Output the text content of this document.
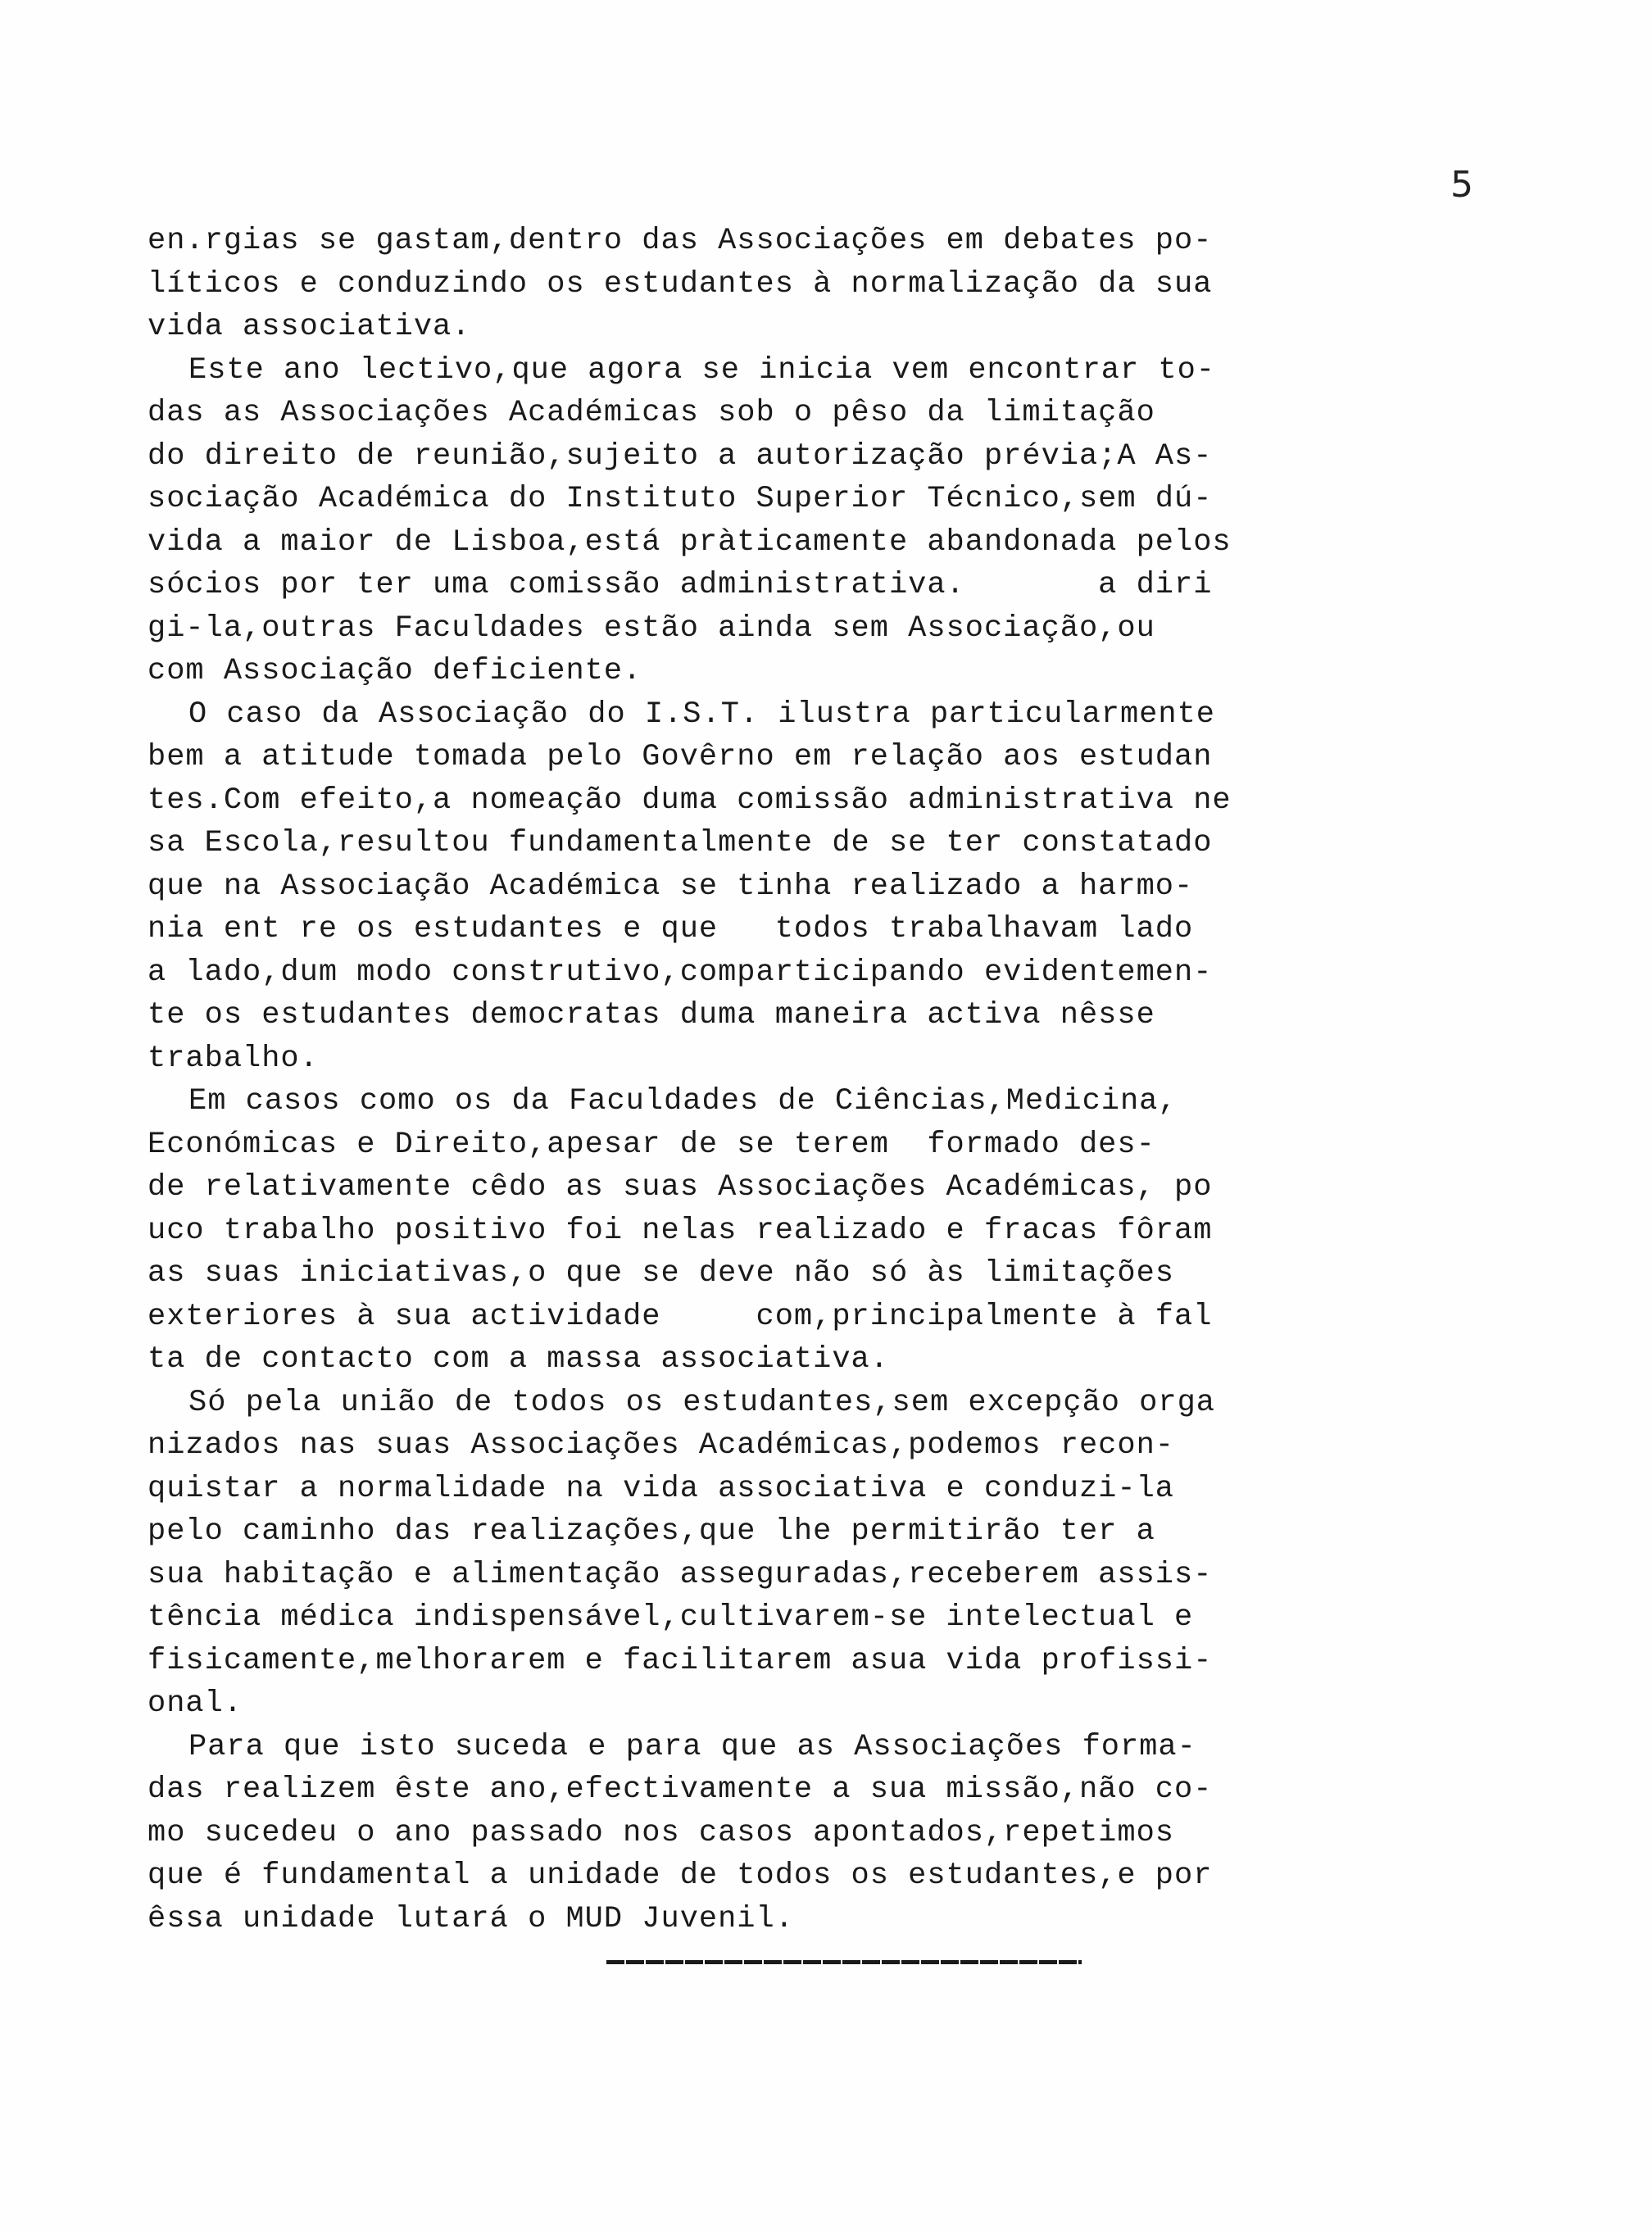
5
en.rgias se gastam,dentro das Associações em debates po-
líticos e conduzindo os estudantes à normalização da sua
vida associativa.
Este ano lectivo,que agora se inicia vem encontrar to-
das as Associações Académicas sob o pêso da limitação
do direito de reunião,sujeito a autorização prévia;A As-
sociação Académica do Instituto Superior Técnico,sem dú-
vida a maior de Lisboa,está pràticamente abandonada pelos
sócios por ter uma comissão administrativa.       a diri
gi-la,outras Faculdades estão ainda sem Associação,ou
com Associação deficiente.
O caso da Associação do I.S.T. ilustra particularmente
bem a atitude tomada pelo Govêrno em relação aos estudan
tes.Com efeito,a nomeação duma comissão administrativa ne
sa Escola,resultou fundamentalmente de se ter constatado
que na Associação Académica se tinha realizado a harmo-
nia ent re os estudantes e que   todos trabalhavam lado
a lado,dum modo construtivo,comparticipando evidentemen-
te os estudantes democratas duma maneira activa nêsse
trabalho.
Em casos como os da Faculdades de Ciências,Medicina,
Económicas e Direito,apesar de se terem  formado des-
de relativamente cêdo as suas Associações Académicas, po
uco trabalho positivo foi nelas realizado e fracas fôram
as suas iniciativas,o que se deve não só às limitações
exteriores à sua actividade     com,principalmente à fal
ta de contacto com a massa associativa.
Só pela união de todos os estudantes,sem excepção orga
nizados nas suas Associações Académicas,podemos recon-
quistar a normalidade na vida associativa e conduzi-la
pelo caminho das realizações,que lhe permitirão ter a
sua habitação e alimentação asseguradas,receberem assis-
tência médica indispensável,cultivarem-se intelectual e
fisicamente,melhorarem e facilitarem asua vida profissi-
onal.
Para que isto suceda e para que as Associações forma-
das realizem êste ano,efectivamente a sua missão,não co-
mo sucedeu o ano passado nos casos apontados,repetimos
que é fundamental a unidade de todos os estudantes,e por
êssa unidade lutará o MUD Juvenil.
